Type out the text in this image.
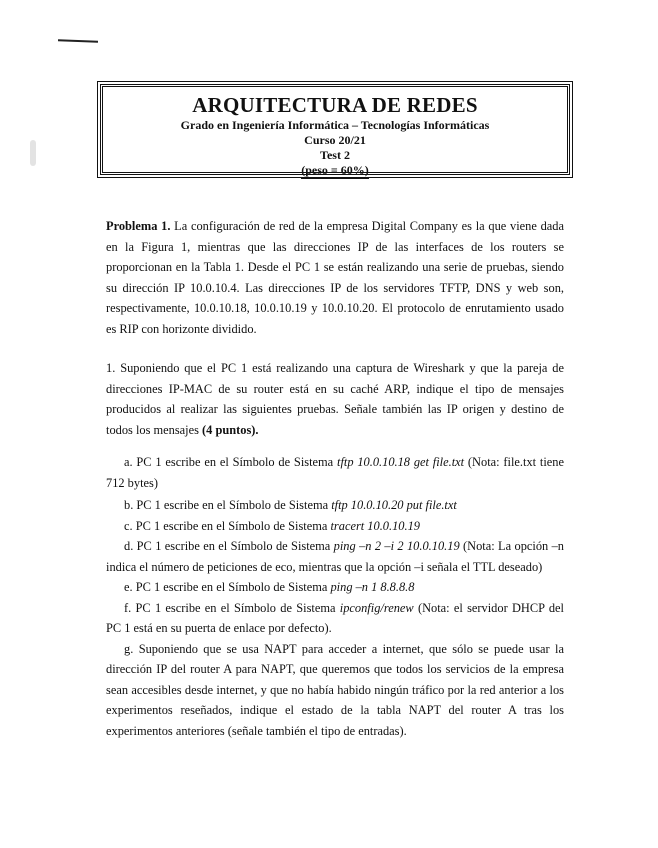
ARQUITECTURA DE REDES
Grado en Ingeniería Informática – Tecnologías Informáticas
Curso 20/21
Test 2
(peso = 60%)
Problema 1. La configuración de red de la empresa Digital Company es la que viene dada en la Figura 1, mientras que las direcciones IP de las interfaces de los routers se proporcionan en la Tabla 1. Desde el PC 1 se están realizando una serie de pruebas, siendo su dirección IP 10.0.10.4. Las direcciones IP de los servidores TFTP, DNS y web son, respectivamente, 10.0.10.18, 10.0.10.19 y 10.0.10.20. El protocolo de enrutamiento usado es RIP con horizonte dividido.
1. Suponiendo que el PC 1 está realizando una captura de Wireshark y que la pareja de direcciones IP-MAC de su router está en su caché ARP, indique el tipo de mensajes producidos al realizar las siguientes pruebas. Señale también las IP origen y destino de todos los mensajes (4 puntos).

a. PC 1 escribe en el Símbolo de Sistema tftp 10.0.10.18 get file.txt (Nota: file.txt tiene 712 bytes)

b. PC 1 escribe en el Símbolo de Sistema tftp 10.0.10.20 put file.txt

c. PC 1 escribe en el Símbolo de Sistema tracert 10.0.10.19

d. PC 1 escribe en el Símbolo de Sistema ping –n 2 –i 2 10.0.10.19 (Nota: La opción –n indica el número de peticiones de eco, mientras que la opción –i señala el TTL deseado)

e. PC 1 escribe en el Símbolo de Sistema ping –n 1 8.8.8.8

f. PC 1 escribe en el Símbolo de Sistema ipconfig/renew (Nota: el servidor DHCP del PC 1 está en su puerta de enlace por defecto).

g. Suponiendo que se usa NAPT para acceder a internet, que sólo se puede usar la dirección IP del router A para NAPT, que queremos que todos los servicios de la empresa sean accesibles desde internet, y que no había habido ningún tráfico por la red anterior a los experimentos reseñados, indique el estado de la tabla NAPT del router A tras los experimentos anteriores (señale también el tipo de entradas).
